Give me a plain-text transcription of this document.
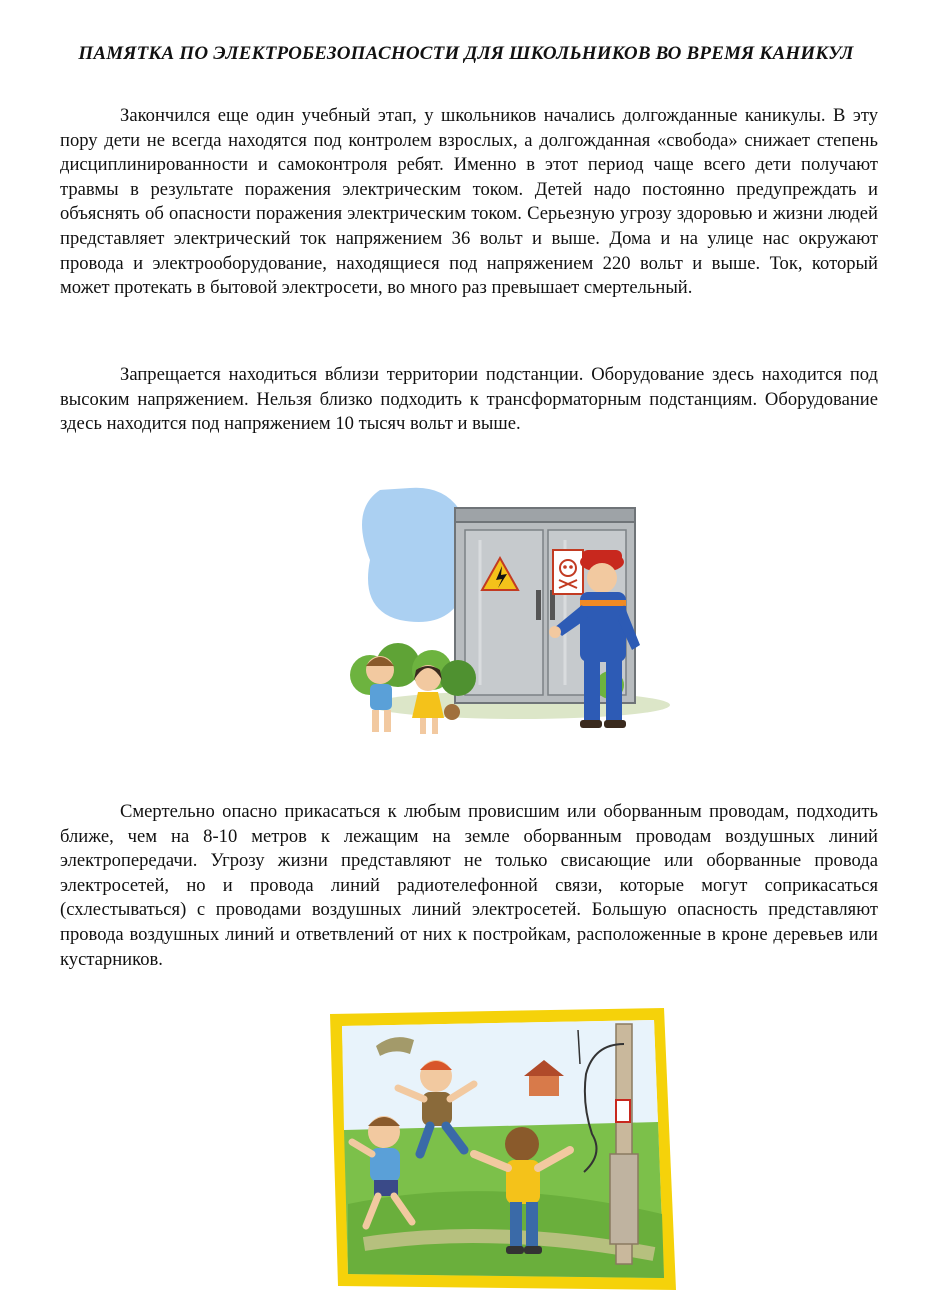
ПАМЯТКА ПО ЭЛЕКТРОБЕЗОПАСНОСТИ ДЛЯ ШКОЛЬНИКОВ ВО ВРЕМЯ КАНИКУЛ

Закончился еще один учебный этап, у школьников начались долгожданные каникулы. В эту пору дети не всегда находятся под контролем взрослых, а долгожданная «свобода» снижает степень дисциплинированности и самоконтроля ребят. Именно в этот период чаще всего дети получают травмы в результате поражения электрическим током. Детей надо постоянно предупреждать и объяснять об опасности поражения электрическим током. Серьезную угрозу здоровью и жизни людей представляет электрический ток напряжением 36 вольт и выше. Дома и на улице нас окружают провода и электрооборудование, находящиеся под напряжением 220 вольт и выше. Ток, который может протекать в бытовой электросети, во много раз превышает смертельный.

Запрещается находиться вблизи территории подстанции. Оборудование здесь находится под высоким напряжением. Нельзя близко подходить к трансформаторным подстанциям. Оборудование здесь находится под напряжением 10 тысяч вольт и выше.

Смертельно опасно прикасаться к любым провисшим или оборванным проводам, подходить ближе, чем на 8-10 метров к лежащим на земле оборванным проводам воздушных линий электропередачи. Угрозу жизни представляют не только свисающие или оборванные провода электросетей, но и провода линий радиотелефонной связи, которые могут соприкасаться (схлестываться) с проводами воздушных линий электросетей. Большую опасность представляют провода воздушных линий и ответвлений от них к постройкам, расположенные в кроне деревьев или кустарников.
